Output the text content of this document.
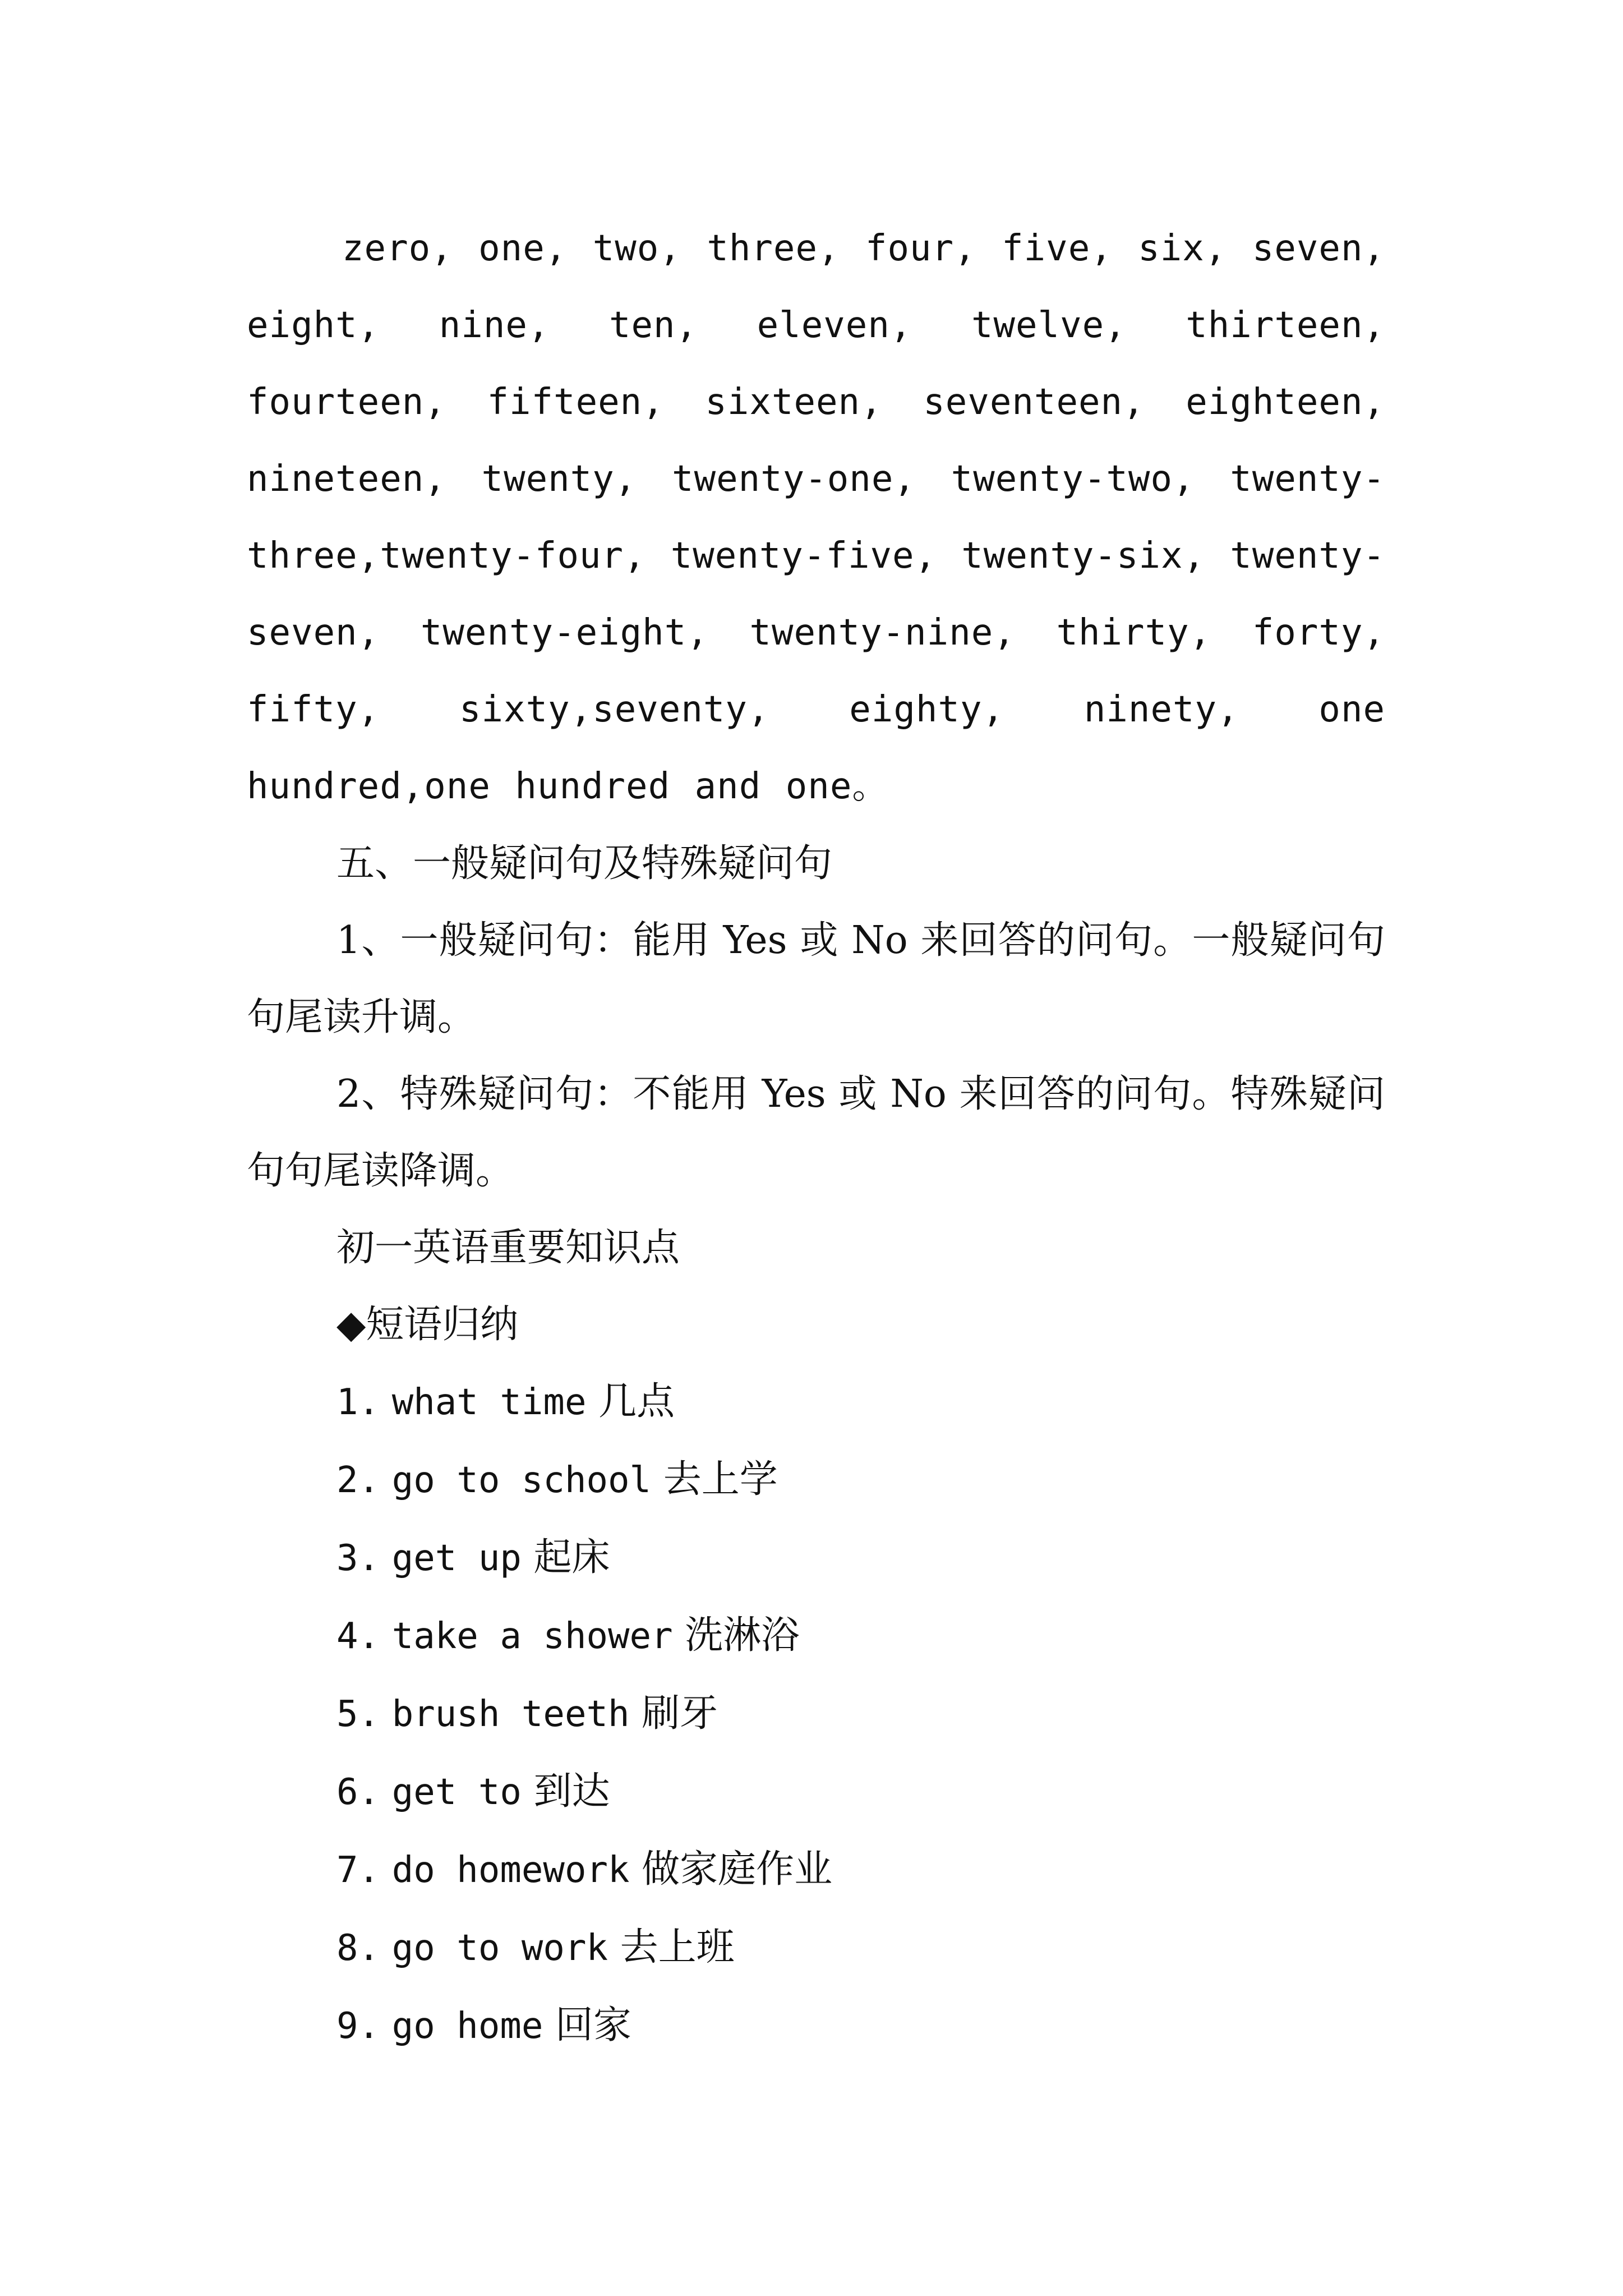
zero, one, two, three, four, five, six, seven, eight, nine, ten, eleven, twelve, thirteen, fourteen, fifteen, sixteen, seventeen, eighteen, nineteen, twenty, twenty-one, twenty-two, twenty-three,twenty-four, twenty-five, twenty-six, twenty-seven, twenty-eight, twenty-nine, thirty, forty, fifty, sixty,seventy, eighty, ninety, one hundred,one hundred and one。

五、一般疑问句及特殊疑问句

1、一般疑问句：能用 Yes 或 No 来回答的问句。一般疑问句句尾读升调。

2、特殊疑问句：不能用 Yes 或 No 来回答的问句。特殊疑问句句尾读降调。

初一英语重要知识点

◆短语归纳

1. what time 几点

2. go to school 去上学

3. get up 起床

4. take a shower 洗淋浴

5. brush teeth 刷牙

6. get to 到达

7. do homework 做家庭作业

8. go to work 去上班

9. go home 回家
